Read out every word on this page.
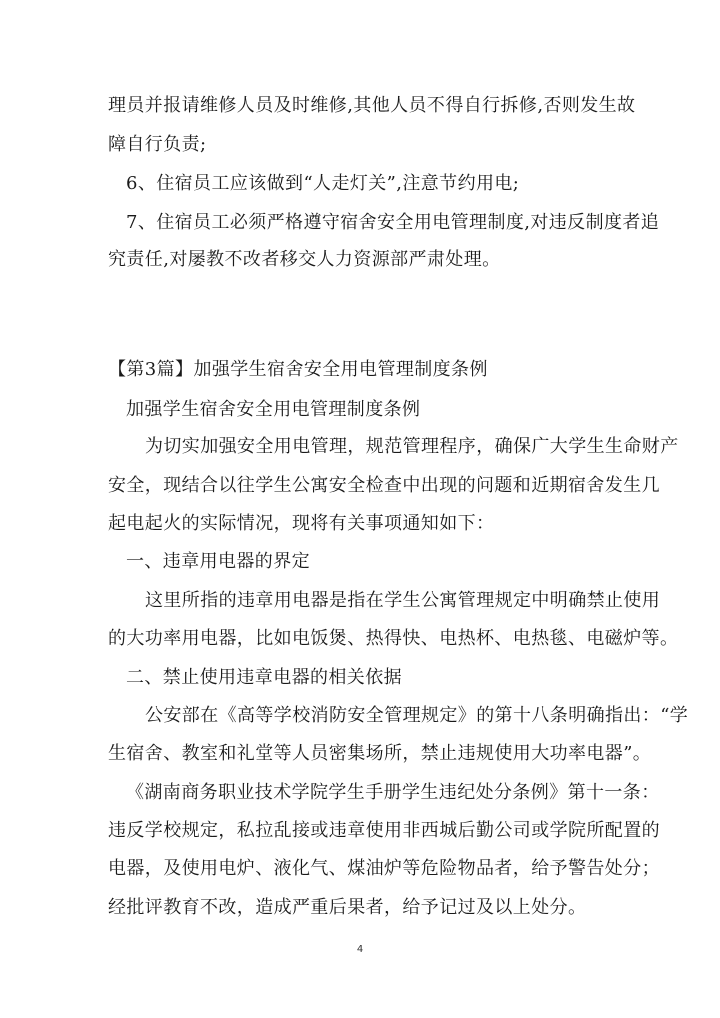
理员并报请维修人员及时维修,其他人员不得自行拆修,否则发生故
障自行负责;
6、住宿员工应该做到“人走灯关”,注意节约用电;
7、住宿员工必须严格遵守宿舍安全用电管理制度,对违反制度者追
究责任,对屡教不改者移交人力资源部严肃处理。
【第3篇】加强学生宿舍安全用电管理制度条例
加强学生宿舍安全用电管理制度条例
为切实加强安全用电管理，规范管理程序，确保广大学生生命财产
安全，现结合以往学生公寓安全检查中出现的问题和近期宿舍发生几
起电起火的实际情况，现将有关事项通知如下：
一、违章用电器的界定
这里所指的违章用电器是指在学生公寓管理规定中明确禁止使用
的大功率用电器，比如电饭煲、热得快、电热杯、电热毯、电磁炉等。
二、禁止使用违章电器的相关依据
公安部在《高等学校消防安全管理规定》的第十八条明确指出：“学
生宿舍、教室和礼堂等人员密集场所，禁止违规使用大功率电器”。
《湖南商务职业技术学院学生手册学生违纪处分条例》第十一条：
违反学校规定，私拉乱接或违章使用非西城后勤公司或学院所配置的
电器，及使用电炉、液化气、煤油炉等危险物品者，给予警告处分；
经批评教育不改，造成严重后果者，给予记过及以上处分。
4
